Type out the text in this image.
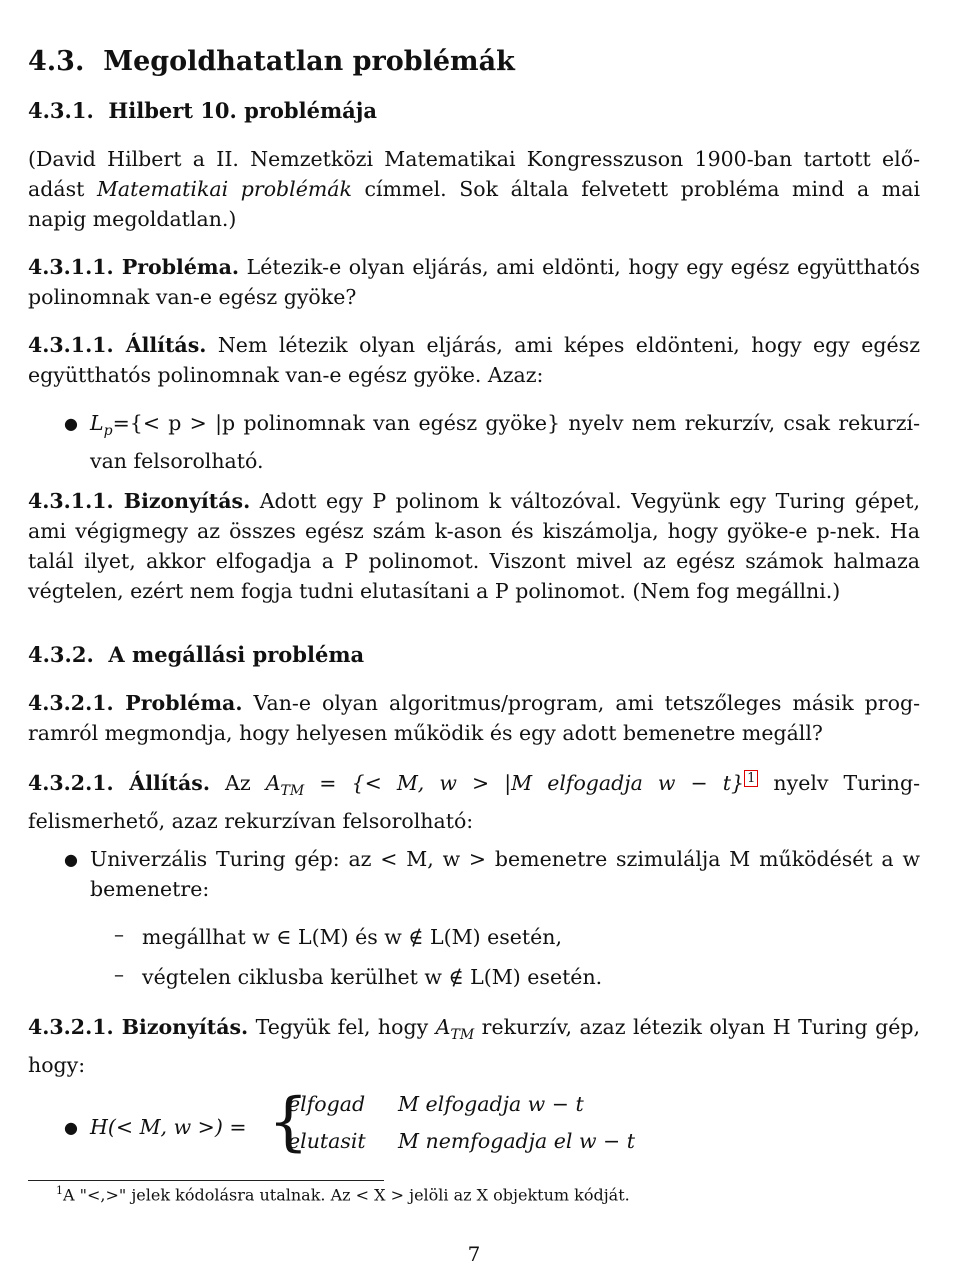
4.3. Megoldhatatlan problémák
4.3.1. Hilbert 10. problémája

(David Hilbert a II. Nemzetközi Matematikai Kongresszuson 1900-ban tartott elő-adást Matematikai problémák címmel. Sok általa felvetett probléma mind a mai napig megoldatlan.)

4.3.1.1. Probléma. Létezik-e olyan eljárás, ami eldönti, hogy egy egész együtthatós polinomnak van-e egész gyöke?

4.3.1.1. Állítás. Nem létezik olyan eljárás, ami képes eldönteni, hogy egy egész együtthatós polinomnak van-e egész gyöke. Azaz:

● $L_p=\{< p > |p$ polinomnak van egész gyöke} nyelv nem rekurzív, csak rekurzí-van felsorolható.

4.3.1.1. Bizonyítás. Adott egy P polinom k változóval. Vegyünk egy Turing gépet, ami végigmegy az összes egész szám k-ason és kiszámolja, hogy gyöke-e p-nek. Ha talál ilyet, akkor elfogadja a P polinomot. Viszont mivel az egész számok halmaza végtelen, ezért nem fogja tudni elutasítani a P polinomot. (Nem fog megállni.)

4.3.2. A megállási probléma

4.3.2.1. Probléma. Van-e olyan algoritmus/program, ami tetszőleges másik prog-ramról megmondja, hogy helyesen működik és egy adott bemenetre megáll?

4.3.2.1. Állítás. Az $A_{TM}$ = {< M, w > |M elfogadja w − t} $^1$ nyelv Turing-felismerhető, azaz rekurzívan felsorolható:

● Univerzális Turing gép: az < M, w > bemenetre szimulálja M működését a w bemenetre:

– megállhat w ∈ L(M) és w ∉ L(M) esetén,

– végtelen ciklusba kerülhet w ∉ L(M) esetén.

4.3.2.1. Bizonyítás. Tegyük fel, hogy $A_{TM}$ rekurzív, azaz létezik olyan H Turing gép, hogy:

● H(< M, w >) = {
elfogad M elfogadja w − t
elutasit M nemfogadja el w − t
$^1$A "<,>" jelek kódolásra utalnak. Az < X > jelöli az X objektum kódját.
7
